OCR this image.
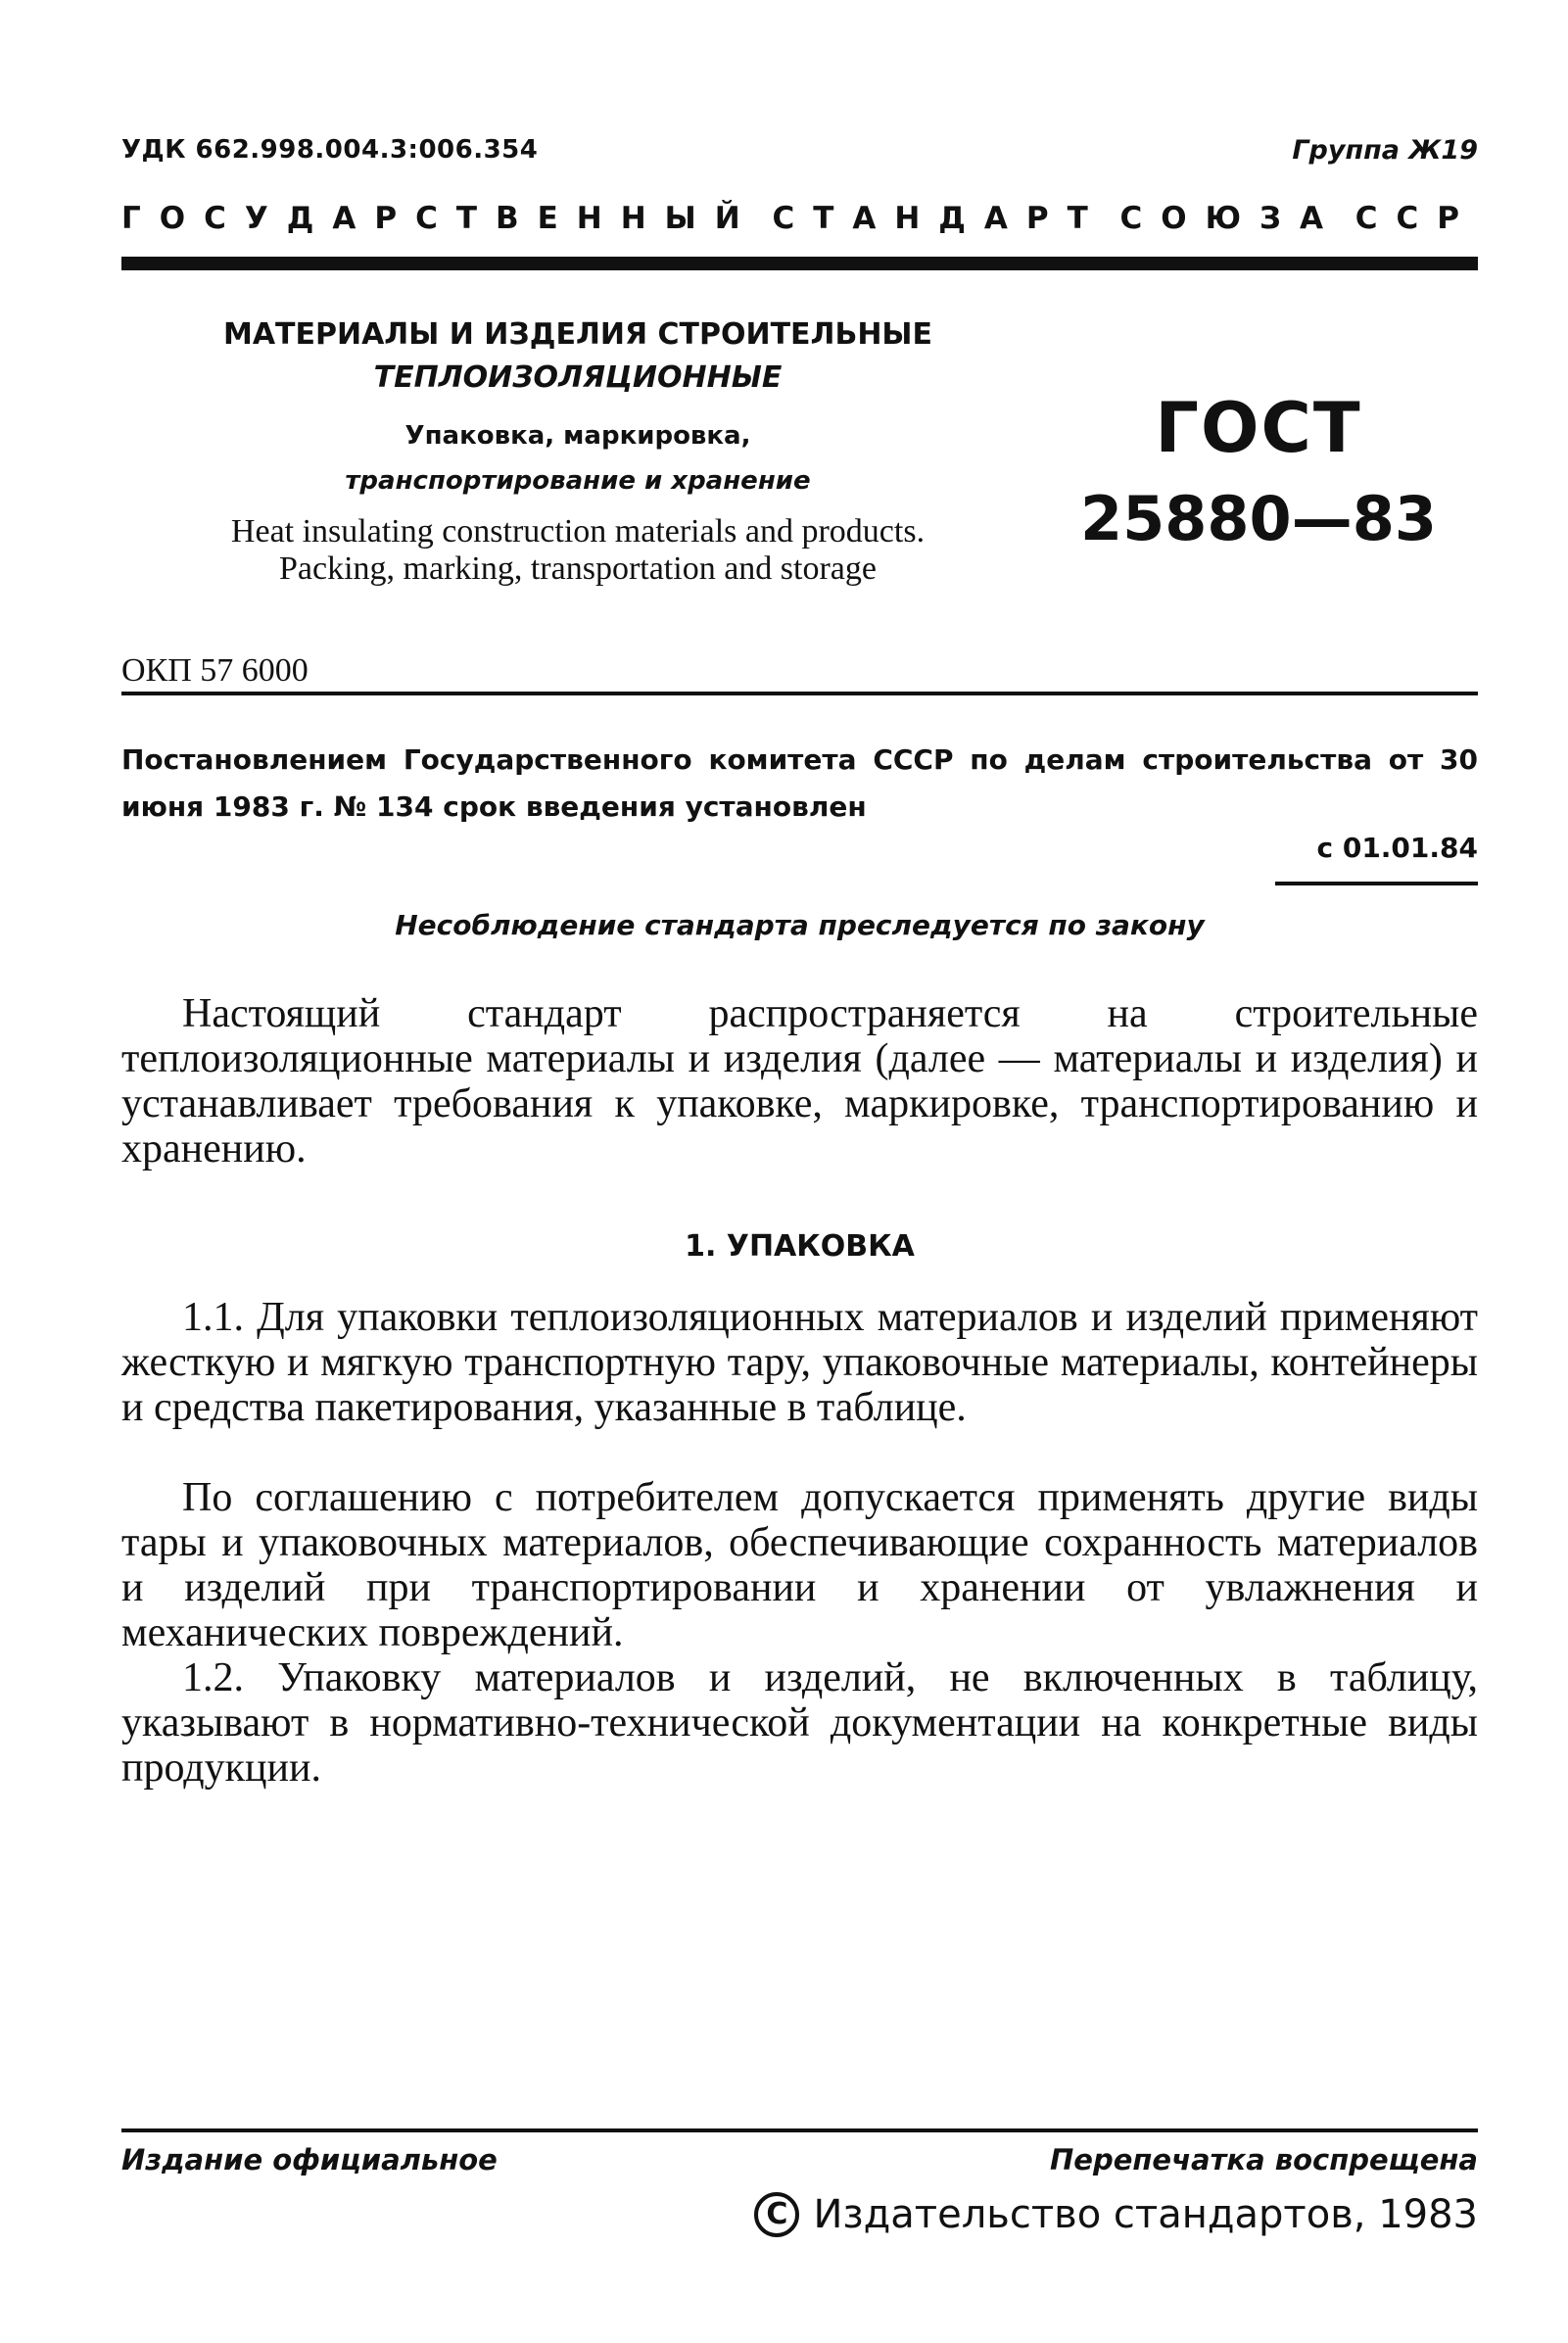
УДК 662.998.004.3:006.354	Группа Ж19
ГОСУДАРСТВЕННЫЙ СТАНДАРТ СОЮЗА ССР
МАТЕРИАЛЫ И ИЗДЕЛИЯ СТРОИТЕЛЬНЫЕ
ТЕПЛОИЗОЛЯЦИОННЫЕ
Упаковка, маркировка,
транспортирование и хранение
Heat insulating construction materials and products.
Packing, marking, transportation and storage
ГОСТ
25880—83
ОКП 57 6000
Постановлением Государственного комитета СССР по делам строительства от 30 июня 1983 г. № 134 срок введения установлен
с 01.01.84
Несоблюдение стандарта преследуется по закону
Настоящий стандарт распространяется на строительные теплоизоляционные материалы и изделия (далее — материалы и изделия) и устанавливает требования к упаковке, маркировке, транспортированию и хранению.
1. УПАКОВКА
1.1. Для упаковки теплоизоляционных материалов и изделий применяют жесткую и мягкую транспортную тару, упаковочные материалы, контейнеры и средства пакетирования, указанные в таблице.
По соглашению с потребителем допускается применять другие виды тары и упаковочных материалов, обеспечивающие сохранность материалов и изделий при транспортировании и хранении от увлажнения и механических повреждений.
1.2. Упаковку материалов и изделий, не включенных в таблицу, указывают в нормативно-технической документации на конкретные виды продукции.
Издание официальное	Перепечатка воспрещена
C Издательство стандартов, 1983
